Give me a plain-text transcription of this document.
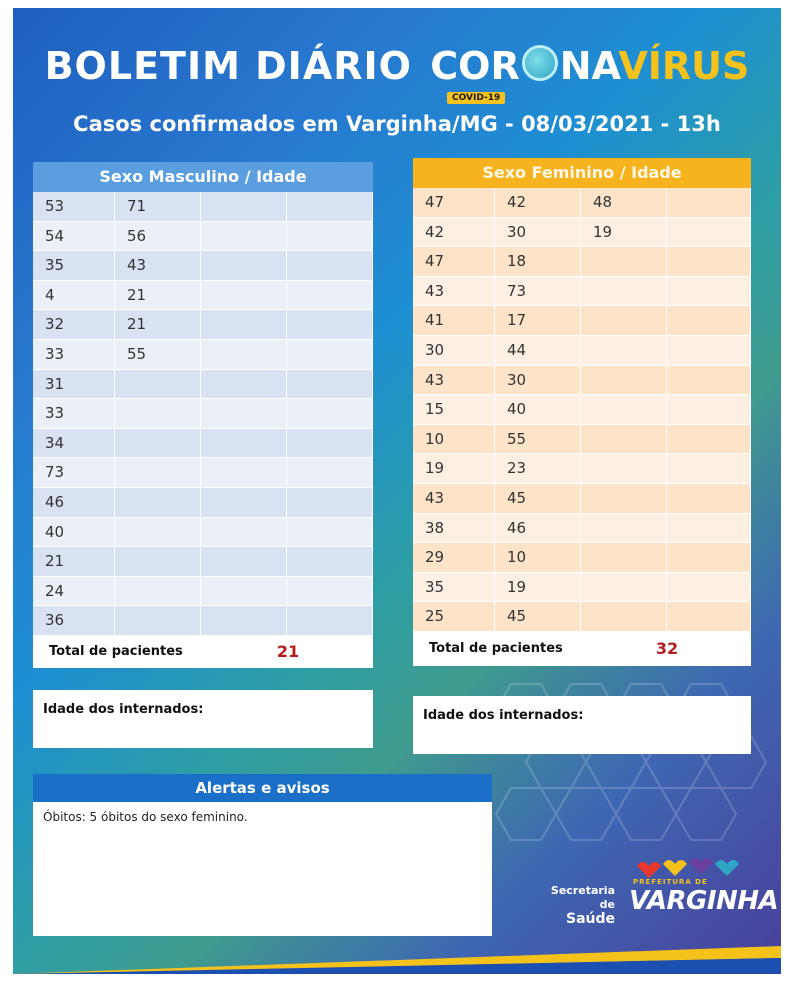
BOLETIM DIÁRIO COR NAVÍRUS
COVID-19
Casos confirmados em Varginha/MG - 08/03/2021 - 13h
Sexo Masculino / Idade
53	71
54	56
35	43
4	21
32	21
33	55
31
33
34
73
46
40
21
24
36
Total de pacientes	21
Sexo Feminino / Idade
47	42	48
42	30	19
47	18
43	73
41	17
30	44
43	30
15	40
10	55
19	23
43	45
38	46
29	10
35	19
25	45
Total de pacientes	32
Idade dos internados:	Idade dos internados:
Alertas e avisos
Óbitos: 5 óbitos do sexo feminino.
Secretaria de
Saúde
PREFEITURA DE
VARGINHA
